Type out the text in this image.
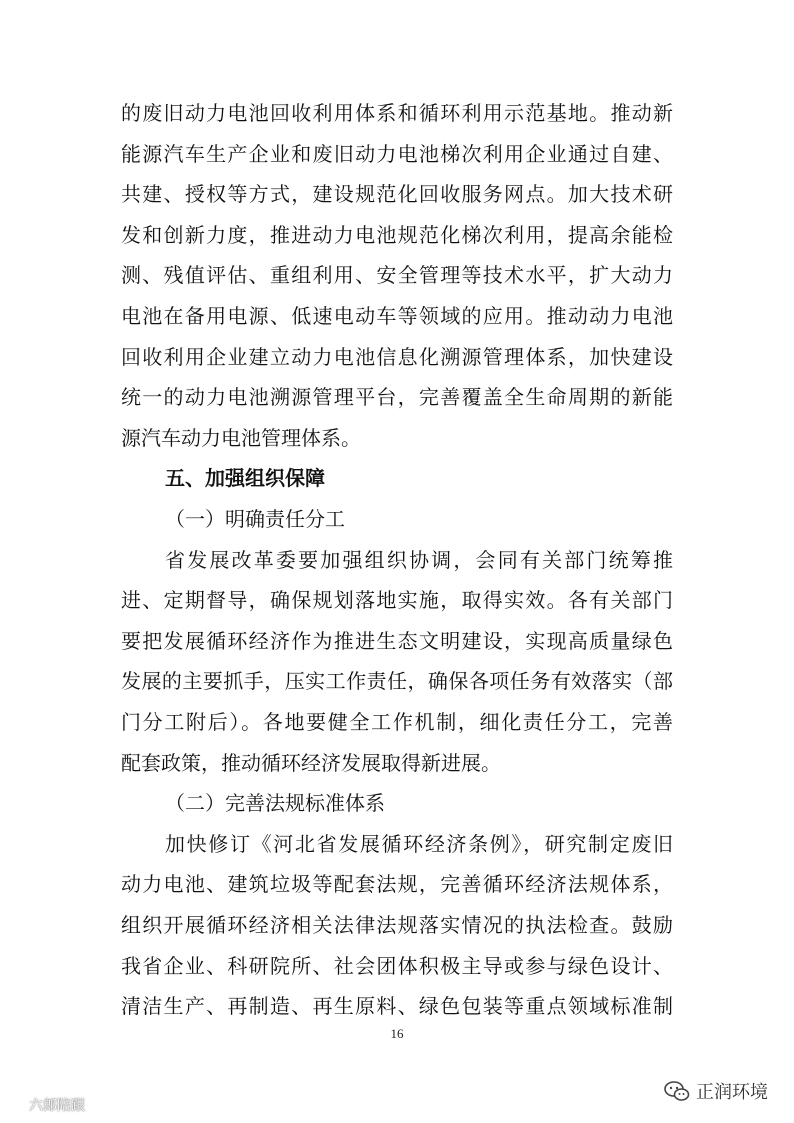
的废旧动力电池回收利用体系和循环利用示范基地。推动新
能源汽车生产企业和废旧动力电池梯次利用企业通过自建、
共建、授权等方式，建设规范化回收服务网点。加大技术研
发和创新力度，推进动力电池规范化梯次利用，提高余能检
测、残值评估、重组利用、安全管理等技术水平，扩大动力
电池在备用电源、低速电动车等领域的应用。推动动力电池
回收利用企业建立动力电池信息化溯源管理体系，加快建设
统一的动力电池溯源管理平台，完善覆盖全生命周期的新能
源汽车动力电池管理体系。
五、加强组织保障
（一）明确责任分工
省发展改革委要加强组织协调，会同有关部门统筹推
进、定期督导，确保规划落地实施，取得实效。各有关部门
要把发展循环经济作为推进生态文明建设，实现高质量绿色
发展的主要抓手，压实工作责任，确保各项任务有效落实（部
门分工附后）。各地要健全工作机制，细化责任分工，完善
配套政策，推动循环经济发展取得新进展。
（二）完善法规标准体系
加快修订《河北省发展循环经济条例》，研究制定废旧
动力电池、建筑垃圾等配套法规，完善循环经济法规体系，
组织开展循环经济相关法律法规落实情况的执法检查。鼓励
我省企业、科研院所、社会团体积极主导或参与绿色设计、
清洁生产、再制造、再生原料、绿色包装等重点领域标准制
16
六郎陪跟
正润环境
